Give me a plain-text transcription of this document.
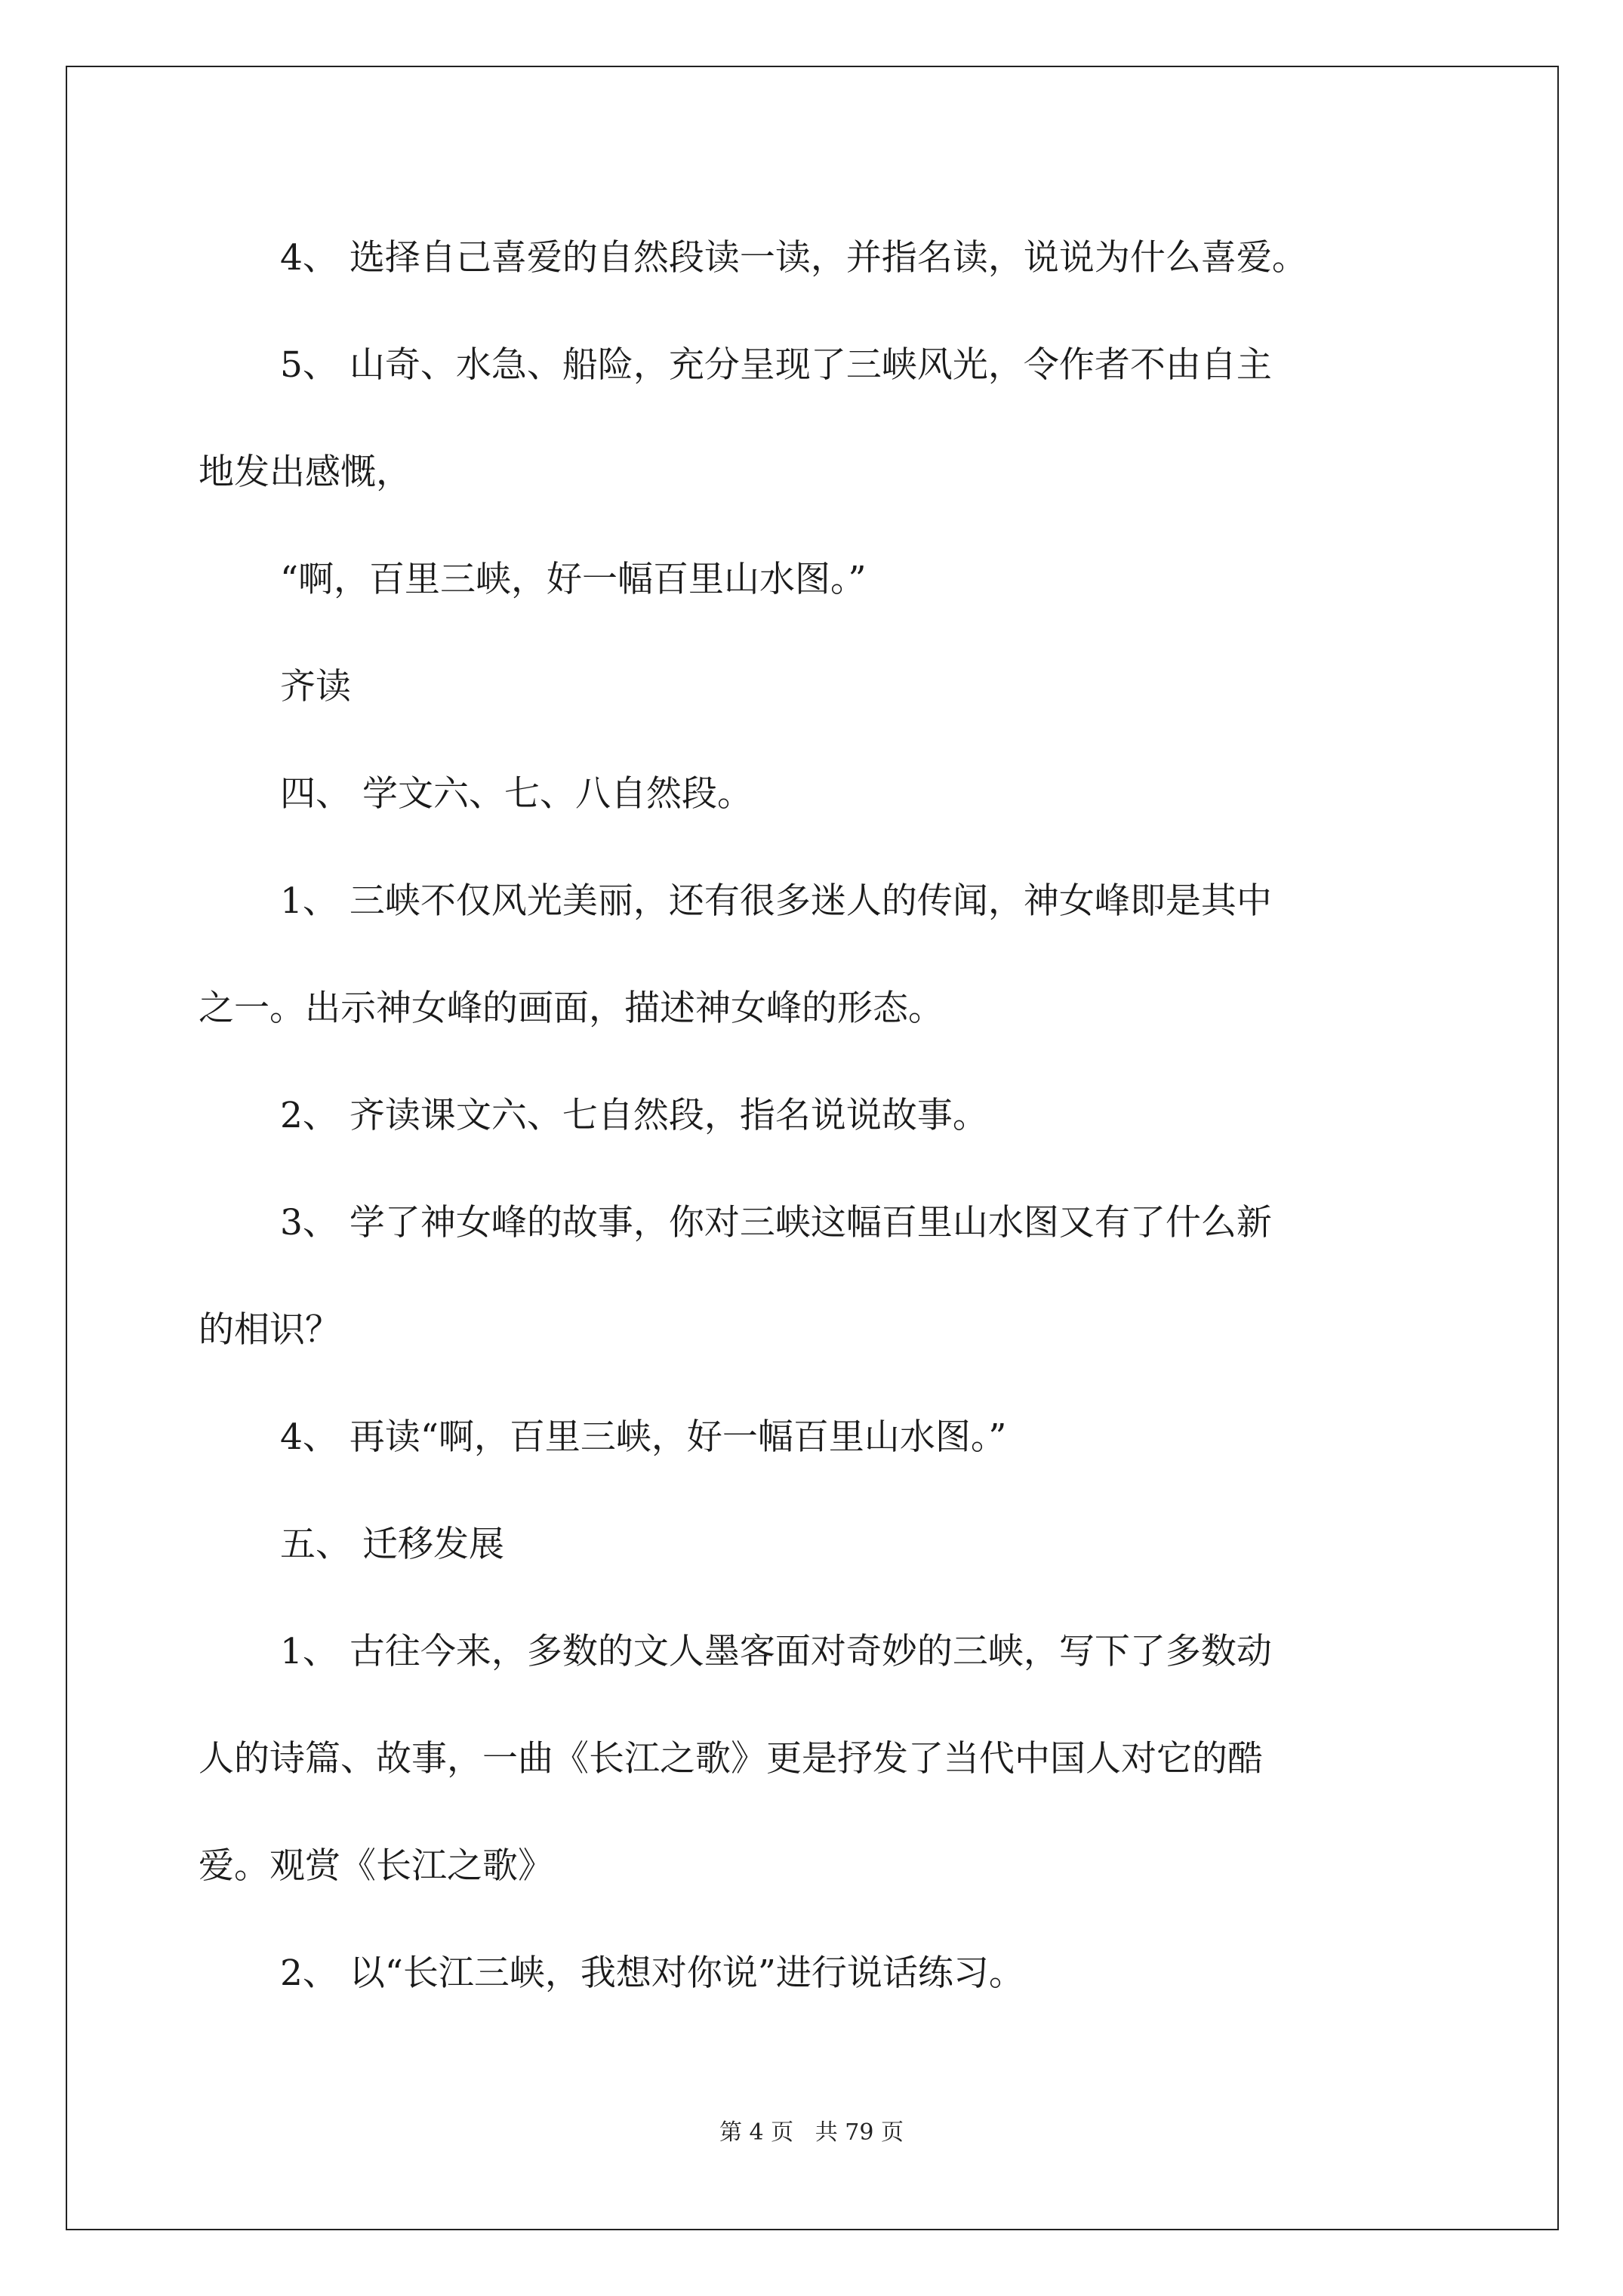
4、 选择自己喜爱的自然段读一读，并指名读，说说为什么喜爱。
5、 山奇、水急、船险，充分呈现了三峡风光，令作者不由自主
地发出感慨，
“啊，百里三峡，好一幅百里山水图。”
齐读
四、 学文六、七、八自然段。
1、 三峡不仅风光美丽，还有很多迷人的传闻，神女峰即是其中
之一。出示神女峰的画面，描述神女峰的形态。
2、 齐读课文六、七自然段，指名说说故事。
3、 学了神女峰的故事，你对三峡这幅百里山水图又有了什么新
的相识？
4、 再读“啊，百里三峡，好一幅百里山水图。”
五、 迁移发展
1、 古往今来，多数的文人墨客面对奇妙的三峡，写下了多数动
人的诗篇、故事，一曲《长江之歌》更是抒发了当代中国人对它的酷
爱。观赏《长江之歌》
2、 以“长江三峡，我想对你说”进行说话练习。
第 4 页   共 79 页
